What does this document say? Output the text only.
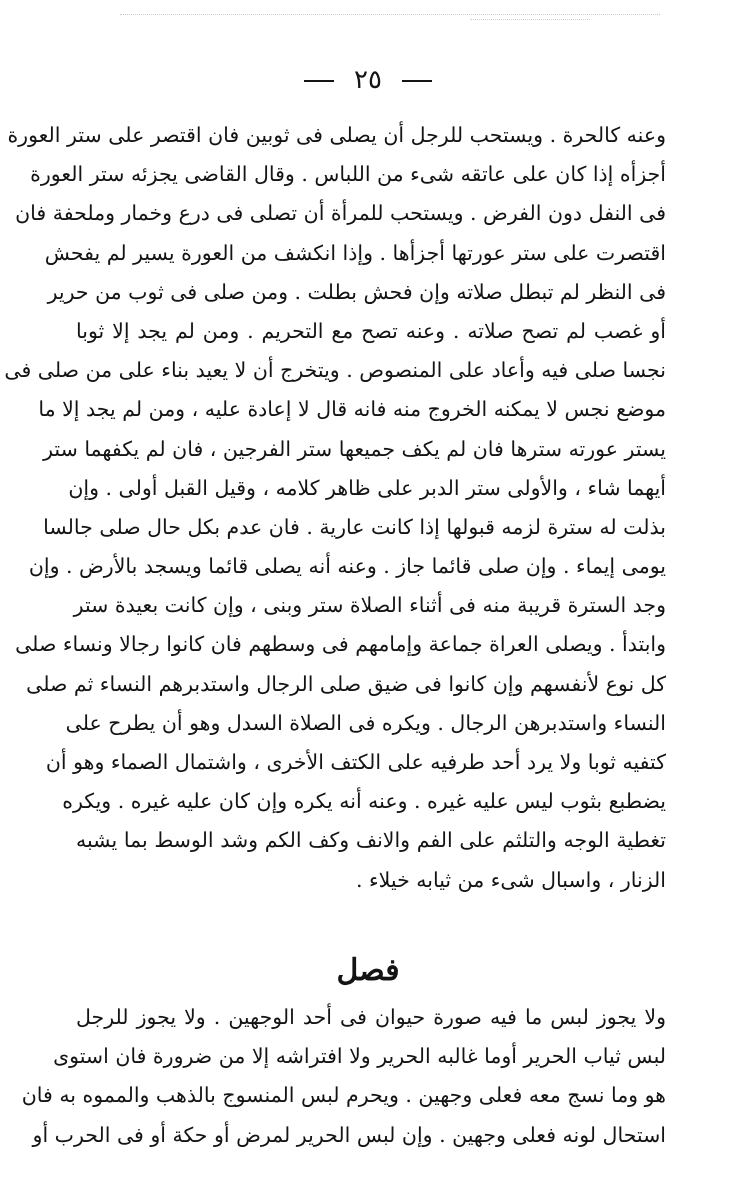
٢٥
وعنه كالحرة . ويستحب للرجل أن يصلى فى ثوبين فان اقتصر على ستر العورة
أجزأه إذا كان على عاتقه شىء من اللباس . وقال القاضى يجزئه ستر العورة
فى النفل دون الفرض . ويستحب للمرأة أن تصلى فى درع وخمار وملحفة فان
اقتصرت على ستر عورتها أجزأها . وإذا انكشف من العورة يسير لم يفحش
فى النظر لم تبطل صلاته وإن فحش بطلت . ومن صلى فى ثوب من حرير
أو غصب لم تصح صلاته . وعنه تصح مع التحريم . ومن لم يجد إلا ثوبا
نجسا صلى فيه وأعاد على المنصوص . ويتخرج أن لا يعيد بناء على من صلى فى
موضع نجس لا يمكنه الخروج منه فانه قال لا إعادة عليه ، ومن لم يجد إلا ما
يستر عورته سترها فان لم يكف جميعها ستر الفرجين ، فان لم يكفهما ستر
أيهما شاء ، والأولى ستر الدبر على ظاهر كلامه ، وقيل القبل أولى . وإن
بذلت له سترة لزمه قبولها إذا كانت عارية . فان عدم بكل حال صلى جالسا
يومى إيماء . وإن صلى قائما جاز . وعنه أنه يصلى قائما ويسجد بالأرض . وإن
وجد السترة قريبة منه فى أثناء الصلاة ستر وبنى ، وإن كانت بعيدة ستر
وابتدأ . ويصلى العراة جماعة وإمامهم فى وسطهم فان كانوا رجالا ونساء صلى
كل نوع لأنفسهم وإن كانوا فى ضيق صلى الرجال واستدبرهم النساء ثم صلى
النساء واستدبرهن الرجال . ويكره فى الصلاة السدل وهو أن يطرح على
كتفيه ثوبا ولا يرد أحد طرفيه على الكتف الأخرى ، واشتمال الصماء وهو أن
يضطبع بثوب ليس عليه غيره . وعنه أنه يكره وإن كان عليه غيره . ويكره
تغطية الوجه والتلثم على الفم والانف وكف الكم وشد الوسط بما يشبه
الزنار ، واسبال شىء من ثيابه خيلاء .
فصل
ولا يجوز لبس ما فيه صورة حيوان فى أحد الوجهين . ولا يجوز للرجل
لبس ثياب الحرير أوما غالبه الحرير ولا افتراشه إلا من ضرورة فان استوى
هو وما نسج معه فعلى وجهين . ويحرم لبس المنسوج بالذهب والمموه به فان
استحال لونه فعلى وجهين . وإن لبس الحرير لمرض أو حكة أو فى الحرب أو
